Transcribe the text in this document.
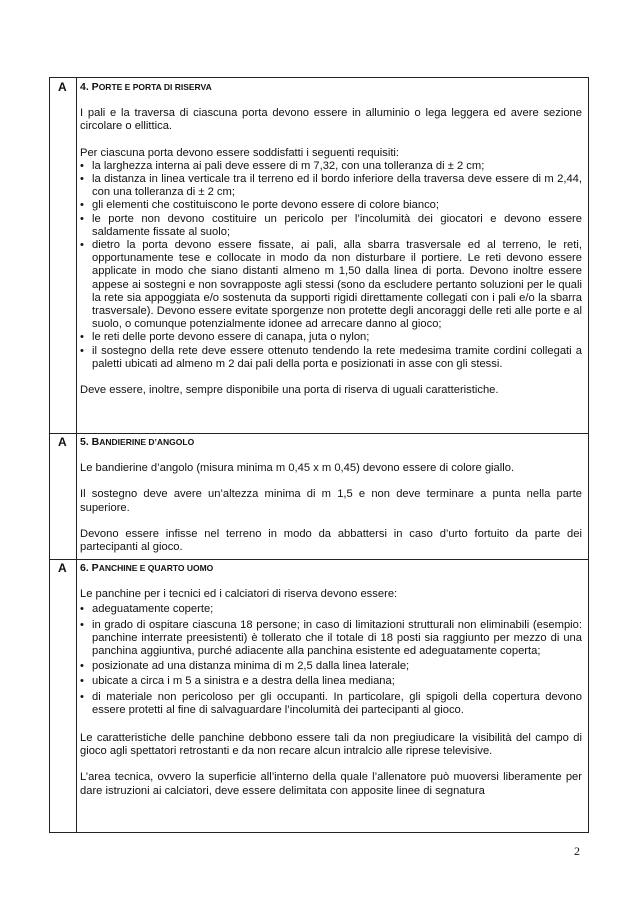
A 4. PORTE E PORTA DI RISERVA

I pali e la traversa di ciascuna porta devono essere in alluminio o lega leggera ed avere sezione circolare o ellittica.

Per ciascuna porta devono essere soddisfatti i seguenti requisiti:

• la larghezza interna ai pali deve essere di m 7,32, con una tolleranza di ± 2 cm;
• la distanza in linea verticale tra il terreno ed il bordo inferiore della traversa deve essere di m 2,44, con una tolleranza di ± 2 cm;
• gli elementi che costituiscono le porte devono essere di colore bianco;
• le porte non devono costituire un pericolo per l’incolumità dei giocatori e devono essere saldamente fissate al suolo;
• dietro la porta devono essere fissate, ai pali, alla sbarra trasversale ed al terreno, le reti, opportunamente tese e collocate in modo da non disturbare il portiere. Le reti devono essere applicate in modo che siano distanti almeno m 1,50 dalla linea di porta. Devono inoltre essere appese ai sostegni e non sovrapposte agli stessi (sono da escludere pertanto soluzioni per le quali la rete sia appoggiata e/o sostenuta da supporti rigidi direttamente collegati con i pali e/o la sbarra trasversale). Devono essere evitate sporgenze non protette degli ancoraggi delle reti alle porte e al suolo, o comunque potenzialmente idonee ad arrecare danno al gioco;
• le reti delle porte devono essere di canapa, juta o nylon;
• il sostegno della rete deve essere ottenuto tendendo la rete medesima tramite cordini collegati a paletti ubicati ad almeno m 2 dai pali della porta e posizionati in asse con gli stessi.

Deve essere, inoltre, sempre disponibile una porta di riserva di uguali caratteristiche.

A 5. BANDIERINE D’ANGOLO

Le bandierine d’angolo (misura minima m 0,45 x m 0,45) devono essere di colore giallo.

Il sostegno deve avere un’altezza minima di m 1,5 e non deve terminare a punta nella parte superiore.

Devono essere infisse nel terreno in modo da abbattersi in caso d’urto fortuito da parte dei partecipanti al gioco.

A 6. PANCHINE E QUARTO UOMO

Le panchine per i tecnici ed i calciatori di riserva devono essere:

• adeguatamente coperte;
• in grado di ospitare ciascuna 18 persone; in caso di limitazioni strutturali non eliminabili (esempio: panchine interrate preesistenti) è tollerato che il totale di 18 posti sia raggiunto per mezzo di una panchina aggiuntiva, purché adiacente alla panchina esistente ed adeguatamente coperta;
• posizionate ad una distanza minima di m 2,5 dalla linea laterale;
• ubicate a circa i m 5 a sinistra e a destra della linea mediana;
• di materiale non pericoloso per gli occupanti. In particolare, gli spigoli della copertura devono essere protetti al fine di salvaguardare l’incolumità dei partecipanti al gioco.

Le caratteristiche delle panchine debbono essere tali da non pregiudicare la visibilità del campo di gioco agli spettatori retrostanti e da non recare alcun intralcio alle riprese televisive.

L’area tecnica, ovvero la superficie all’interno della quale l’allenatore può muoversi liberamente per dare istruzioni ai calciatori, deve essere delimitata con apposite linee di segnatura

2
